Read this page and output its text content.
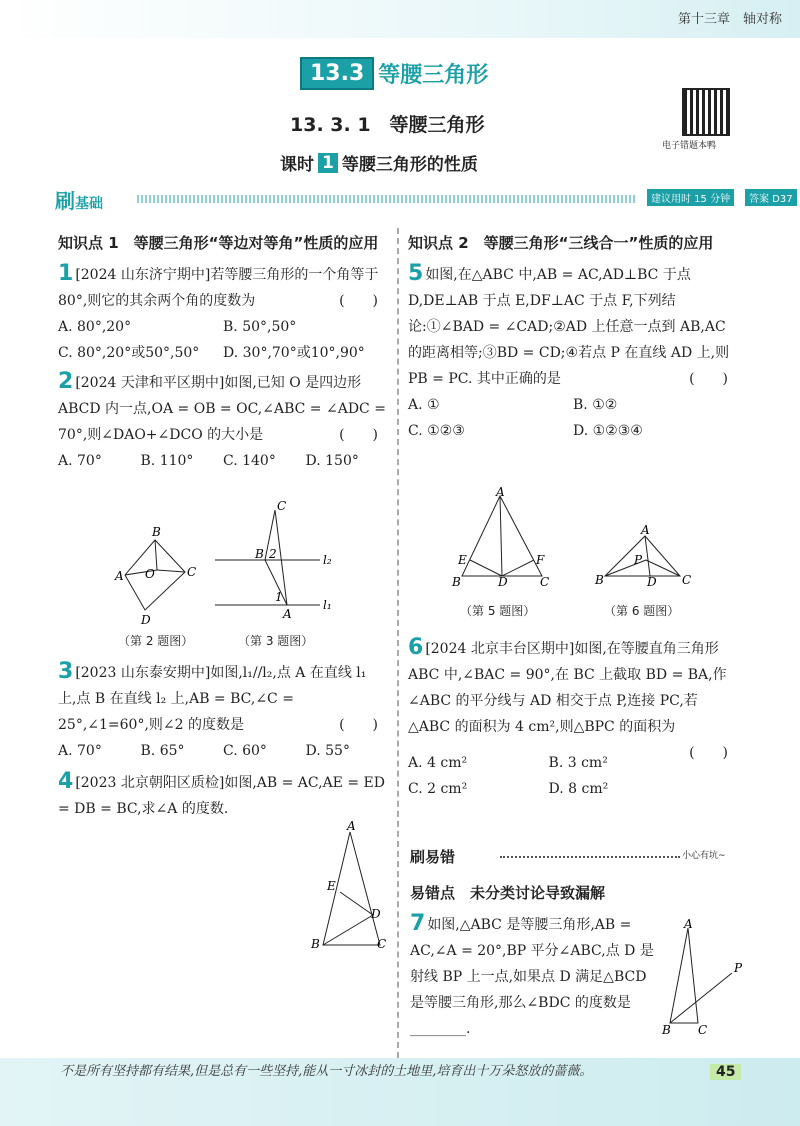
第十三章　轴对称
13.3 等腰三角形
13. 3. 1　等腰三角形
课时 1 等腰三角形的性质
电子错题本鸭
刷基础	建议用时 15 分钟	答案 D37
知识点 1　等腰三角形“等边对等角”性质的应用
1 [2024 山东济宁期中]若等腰三角形的一个角等于80°,则它的其余两个角的度数为	(　　)
A. 80°,20°	B. 50°,50°
C. 80°,20°或50°,50°	D. 30°,70°或10°,90°
2 [2024 天津和平区期中]如图,已知 O 是四边形 ABCD 内一点,OA = OB = OC,∠ABC = ∠ADC = 70°,则∠DAO+∠DCO 的大小是	(　　)
A. 70°	B. 110°	C. 140°	D. 150°
B
C
A O
D
C
B 2
1
A
l₂
l₁
（第 2 题图）	（第 3 题图）
3 [2023 山东泰安期中]如图,l₁//l₂,点 A 在直线 l₁ 上,点 B 在直线 l₂ 上,AB = BC,∠C = 25°,∠1=60°,则∠2 的度数是	(　　)
A. 70°	B. 65°	C. 60°	D. 55°
4 [2023 北京朝阳区质检]如图,AB = AC,AE = ED = DB = BC,求∠A 的度数.
A
E
D
B	C
知识点 2　等腰三角形“三线合一”性质的应用
5 如图,在△ABC 中,AB = AC,AD⊥BC 于点 D,DE⊥AB 于点 E,DF⊥AC 于点 F,下列结论:①∠BAD = ∠CAD;②AD 上任意一点到 AB,AC 的距离相等;③BD = CD;④若点 P 在直线 AD 上,则 PB = PC. 其中正确的是	(　　)
A. ①	B. ①②
C. ①②③	D. ①②③④
A
E	F
B	D	C
A
P
B	D C
（第 5 题图）	（第 6 题图）
6 [2024 北京丰台区期中]如图,在等腰直角三角形 ABC 中,∠BAC = 90°,在 BC 上截取 BD = BA,作∠ABC 的平分线与 AD 相交于点 P,连接 PC,若△ABC 的面积为 4 cm²,则△BPC 的面积为

(　　)
A. 4 cm²	B. 3 cm²
C. 2 cm²	D. 8 cm²
刷易错	小心有坑~
易错点　未分类讨论导致漏解
7 如图,△ABC 是等腰三角形,AB = AC,∠A = 20°,BP 平分∠ABC,点 D 是射线 BP 上一点,如果点 D 满足△BCD 是等腰三角形,那么∠BDC 的度数是________.
A
P
B C
不是所有坚持都有结果,但是总有一些坚持,能从一寸冰封的土地里,培育出十万朵怒放的蔷薇。	45
